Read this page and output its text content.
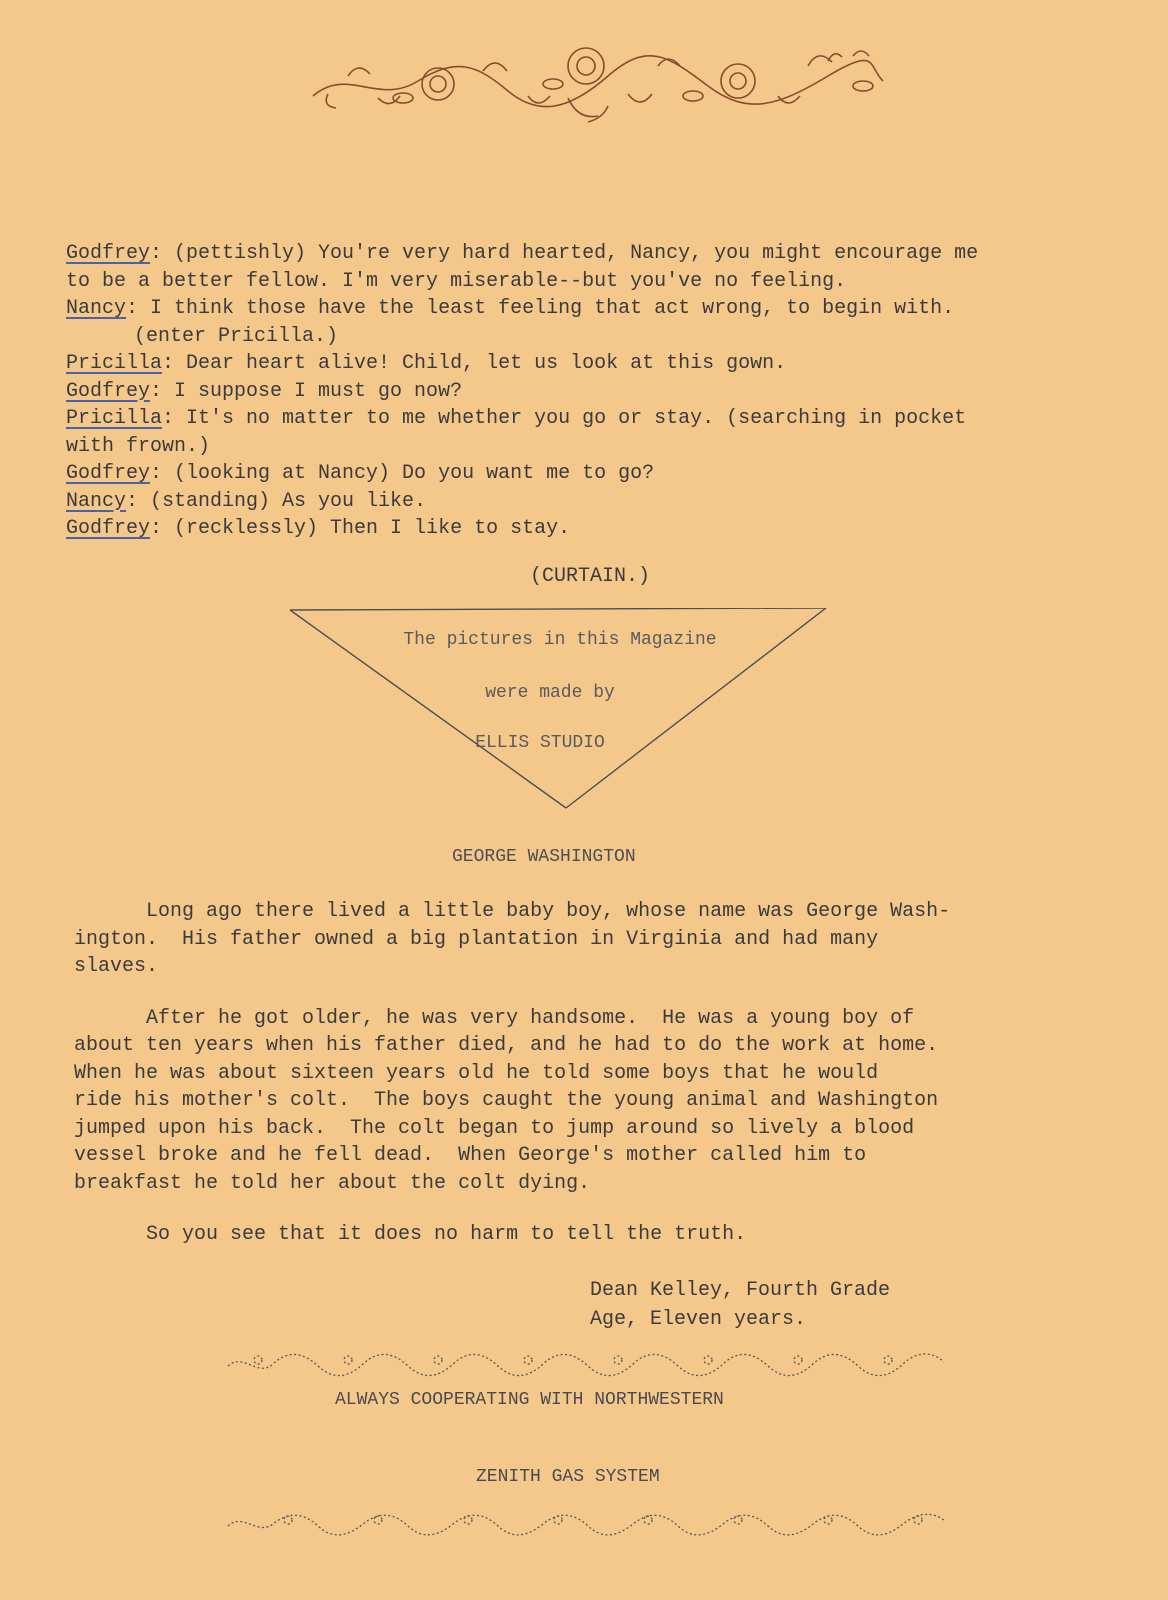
Godfrey: (pettishly) You're very hard hearted, Nancy, you might encourage me
to be a better fellow. I'm very miserable--but you've no feeling.
Nancy: I think those have the least feeling that act wrong, to begin with.
(enter Pricilla.)
Pricilla: Dear heart alive! Child, let us look at this gown.
Godfrey: I suppose I must go now?
Pricilla: It's no matter to me whether you go or stay. (searching in pocket
with frown.)
Godfrey: (looking at Nancy) Do you want me to go?
Nancy: (standing) As you like.
Godfrey: (recklessly) Then I like to stay.
(CURTAIN.)
The pictures in this Magazine
were made by
ELLIS STUDIO
GEORGE WASHINGTON

Long ago there lived a little baby boy, whose name was George Wash-
ington.  His father owned a big plantation in Virginia and had many
slaves.

After he got older, he was very handsome.  He was a young boy of
about ten years when his father died, and he had to do the work at home.
When he was about sixteen years old he told some boys that he would
ride his mother's colt.  The boys caught the young animal and Washington
jumped upon his back.  The colt began to jump around so lively a blood
vessel broke and he fell dead.  When George's mother called him to
breakfast he told her about the colt dying.

So you see that it does no harm to tell the truth.

Dean Kelley, Fourth Grade
Age, Eleven years.
ALWAYS COOPERATING WITH NORTHWESTERN
ZENITH GAS SYSTEM
